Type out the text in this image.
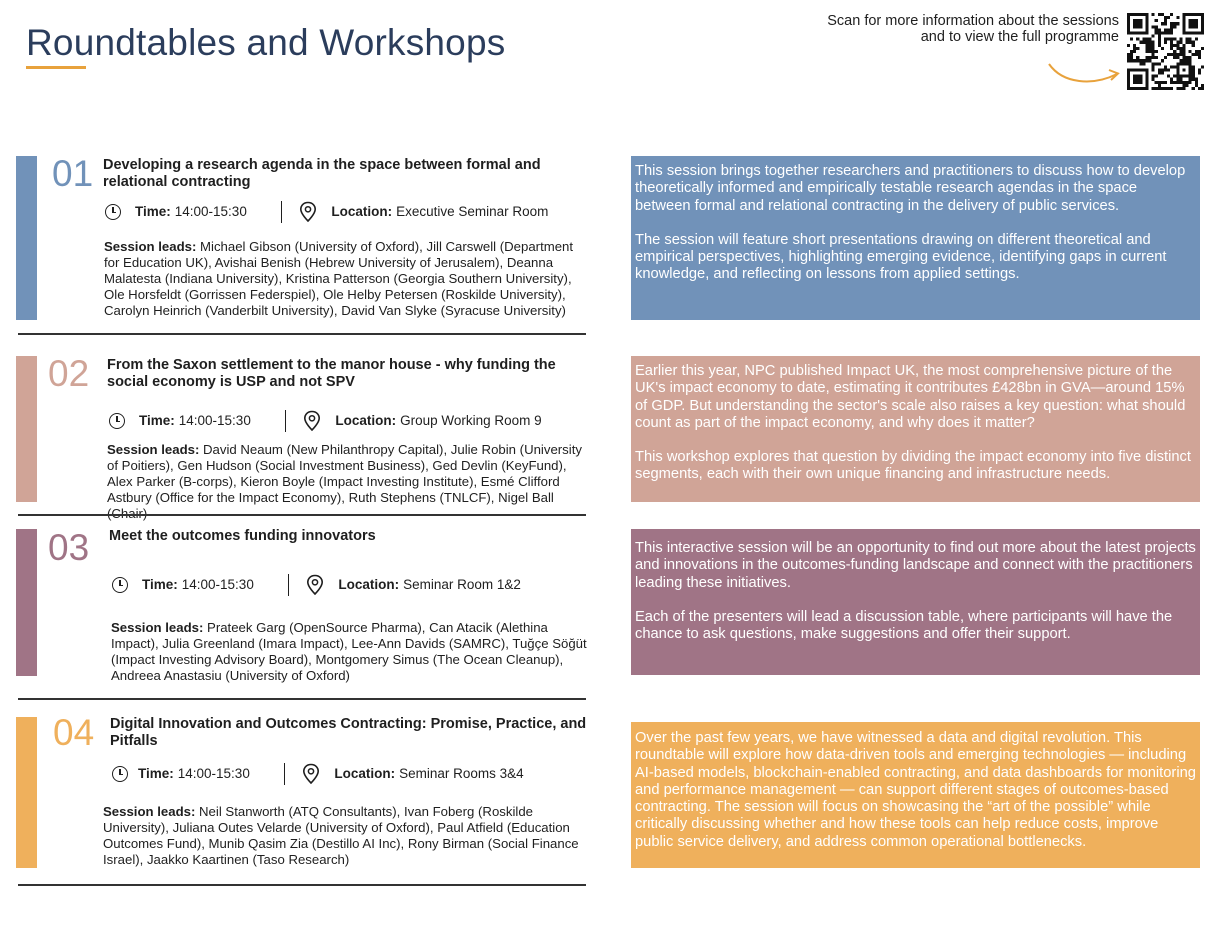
Roundtables and Workshops
Scan for more information about the sessions and to view the full programme
01 Developing a research agenda in the space between formal and relational contracting
Time: 14:00-15:30	Location: Executive Seminar Room

Session leads: Michael Gibson (University of Oxford), Jill Carswell (Department for Education UK), Avishai Benish (Hebrew University of Jerusalem), Deanna Malatesta (Indiana University), Kristina Patterson (Georgia Southern University), Ole Horsfeldt (Gorrissen Federspiel), Ole Helby Petersen (Roskilde University), Carolyn Heinrich (Vanderbilt University), David Van Slyke (Syracuse University)

This session brings together researchers and practitioners to discuss how to develop theoretically informed and empirically testable research agendas in the space between formal and relational contracting in the delivery of public services.

The session will feature short presentations drawing on different theoretical and empirical perspectives, highlighting emerging evidence, identifying gaps in current knowledge, and reflecting on lessons from applied settings.

02 From the Saxon settlement to the manor house - why funding the social economy is USP and not SPV
Time: 14:00-15:30	Location: Group Working Room 9

Session leads: David Neaum (New Philanthropy Capital), Julie Robin (University of Poitiers), Gen Hudson (Social Investment Business), Ged Devlin (KeyFund), Alex Parker (B-corps), Kieron Boyle (Impact Investing Institute), Esmé Clifford Astbury (Office for the Impact Economy), Ruth Stephens (TNLCF), Nigel Ball

Earlier this year, NPC published Impact UK, the most comprehensive picture of the UK's impact economy to date, estimating it contributes £428bn in GVA—around 15% of GDP. But understanding the sector's scale also raises a key question: what should count as part of the impact economy, and why does it matter?

This workshop explores that question by dividing the impact economy into five distinct segments, each with their own unique financing and infrastructure needs.

03 Meet the outcomes funding innovators
Time: 14:00-15:30	Location: Seminar Room 1&2

Session leads: Prateek Garg (OpenSource Pharma), Can Atacik (Alethina Impact), Julia Greenland (Imara Impact), Lee-Ann Davids (SAMRC), Tuğçe Söğüt (Impact Investing Advisory Board), Montgomery Simus (The Ocean Cleanup), Andreea Anastasiu (University of Oxford)

This interactive session will be an opportunity to find out more about the latest projects and innovations in the outcomes-funding landscape and connect with the practitioners leading these initiatives.

Each of the presenters will lead a discussion table, where participants will have the chance to ask questions, make suggestions and offer their support.

04 Digital Innovation and Outcomes Contracting: Promise, Practice, and Pitfalls
Time: 14:00-15:30	Location: Seminar Rooms 3&4

Session leads: Neil Stanworth (ATQ Consultants), Ivan Foberg (Roskilde University), Juliana Outes Velarde (University of Oxford), Paul Atfield (Education Outcomes Fund), Munib Qasim Zia (Destillo AI Inc), Rony Birman (Social Finance Israel), Jaakko Kaartinen (Taso Research)

Over the past few years, we have witnessed a data and digital revolution. This roundtable will explore how data-driven tools and emerging technologies — including AI-based models, blockchain-enabled contracting, and data dashboards for monitoring and performance management — can support different stages of outcomes-based contracting. The session will focus on showcasing the “art of the possible” while critically discussing whether and how these tools can help reduce costs, improve public service delivery, and address common operational bottlenecks.
